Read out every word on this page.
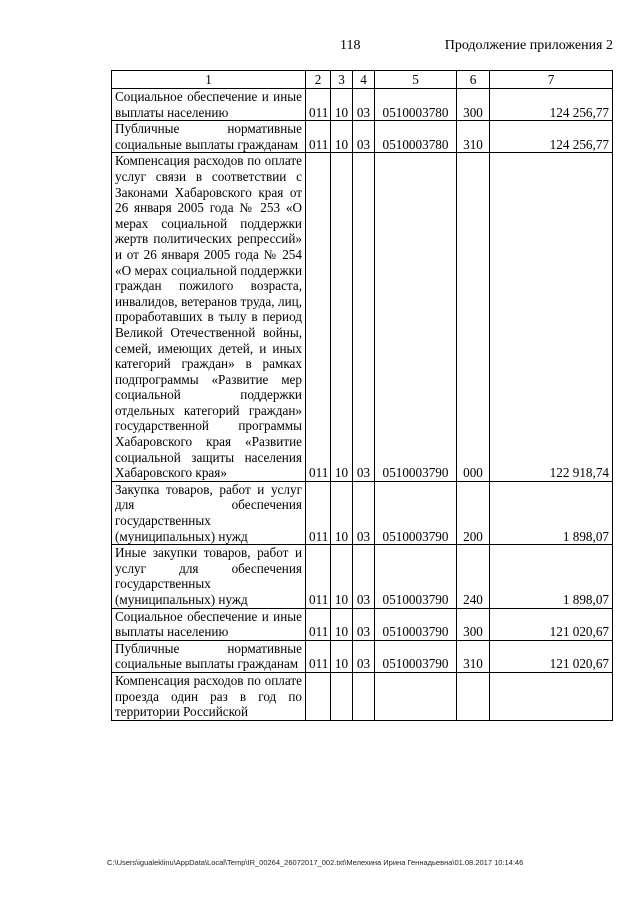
118	Продолжение приложения 2
1	2	3	4	5	6	7
Социальное обеспечение и иные выплаты населению	011	10	03	0510003780	300	124 256,77
Публичные нормативные социальные выплаты гражданам	011	10	03	0510003780	310	124 256,77
Компенсация расходов по оплате услуг связи в соответствии с Законами Хабаровского края от 26 января 2005 года № 253 «О мерах социальной поддержки жертв политических репрессий» и от 26 января 2005 года № 254 «О мерах социальной поддержки граждан пожилого возраста, инвалидов, ветеранов труда, лиц, проработавших в тылу в период Великой Отечественной войны, семей, имеющих детей, и иных категорий граждан» в рамках подпрограммы «Развитие мер социальной поддержки отдельных категорий граждан» государственной программы Хабаровского края «Развитие социальной защиты населения Хабаровского края»	011	10	03	0510003790	000	122 918,74
Закупка товаров, работ и услуг для обеспечения государственных (муниципальных) нужд	011	10	03	0510003790	200	1 898,07
Иные закупки товаров, работ и услуг для обеспечения государственных (муниципальных) нужд	011	10	03	0510003790	240	1 898,07
Социальное обеспечение и иные выплаты населению	011	10	03	0510003790	300	121 020,67
Публичные нормативные социальные выплаты гражданам	011	10	03	0510003790	310	121 020,67
Компенсация расходов по оплате проезда один раз в год по территории Российской						
C:\Users\igualeklinu\AppData\Local\Temp\IR_00264_26072017_002.txt\Мелехина Ирина Геннадьевна\01.08.2017 10:14:46
